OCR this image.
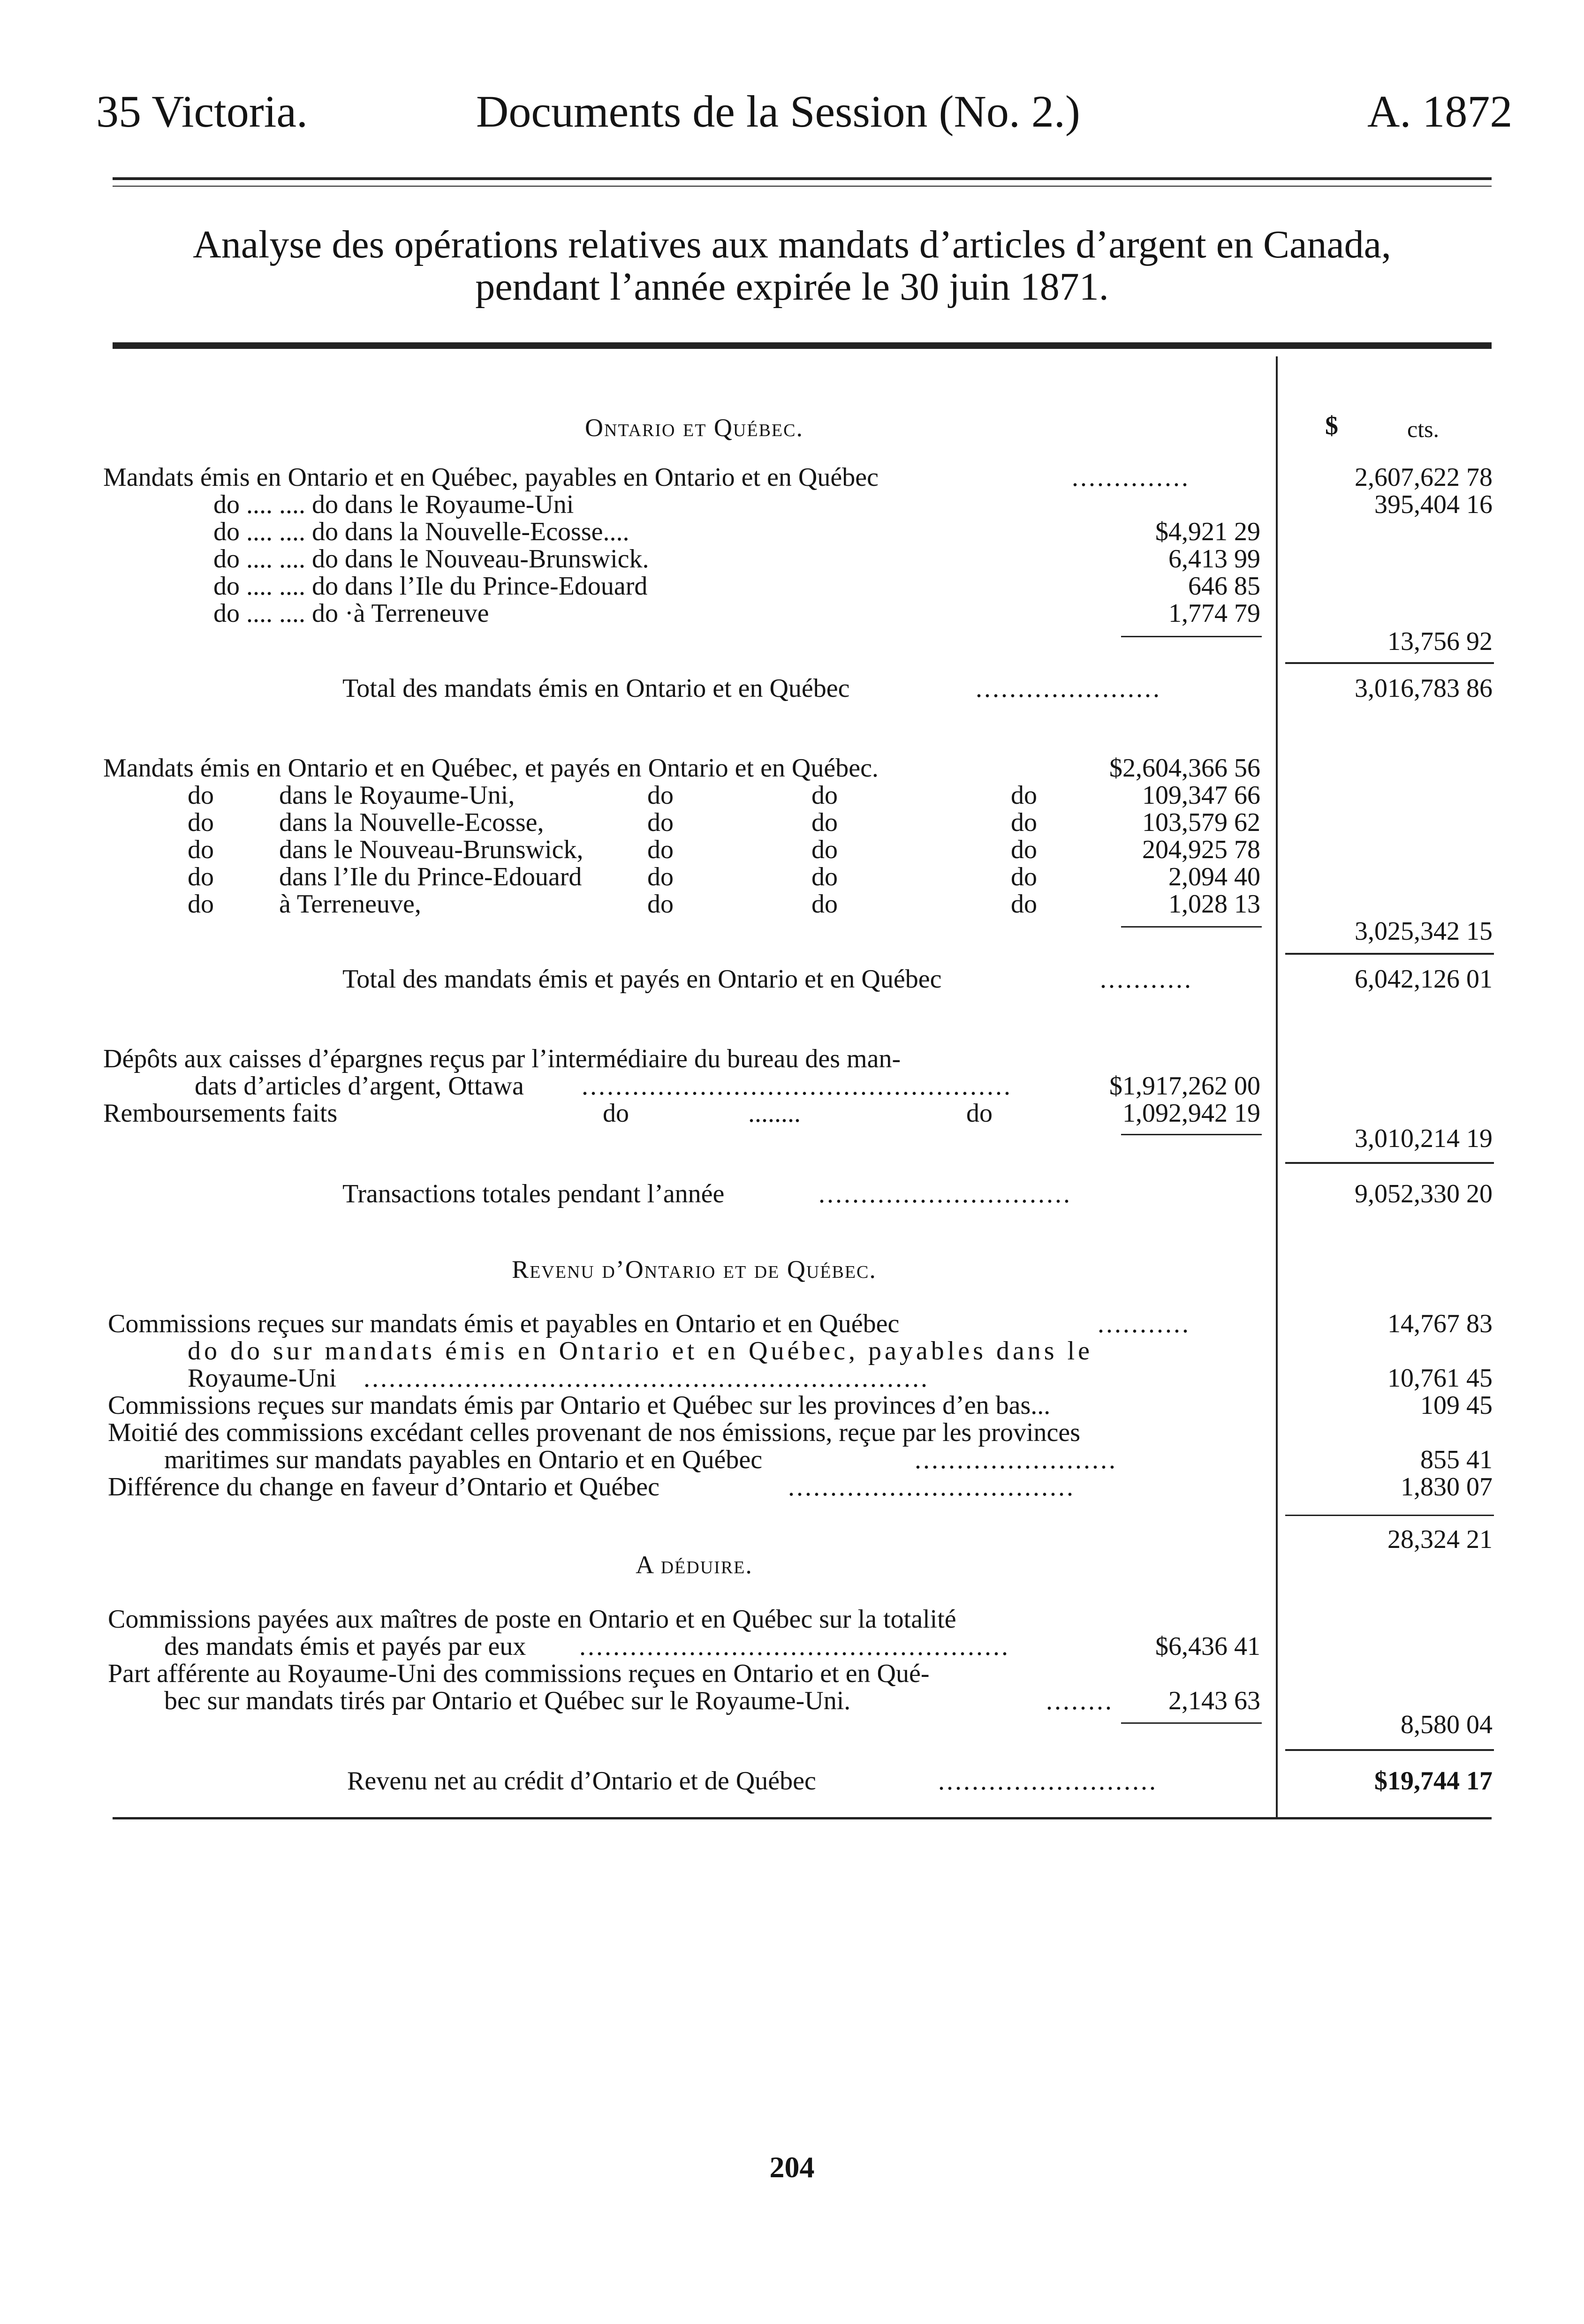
35 Victoria.	Documents de la Session (No. 2.)	A. 1872
Analyse des opérations relatives aux mandats d’articles d’argent en Canada,
pendant l’année expirée le 30 juin 1871.
$	cts.
Ontario et Québec.
Mandats émis en Ontario et en Québec, payables en Ontario et en Québec	..............	2,607,622 78
do .... .... do dans le Royaume-Uni	395,404 16
do .... .... do dans la Nouvelle-Ecosse....	$4,921 29
do .... .... do dans le Nouveau-Brunswick.	6,413 99
do .... .... do dans l’Ile du Prince-Edouard	646 85
do .... .... do ·à Terreneuve	1,774 79
13,756 92
Total des mandats émis en Ontario et en Québec	......................	3,016,783 86
Mandats émis en Ontario et en Québec, et payés en Ontario et en Québec.	$2,604,366 56
do dans le Royaume-Uni,	do	do	do	109,347 66
do dans la Nouvelle-Ecosse,	do	do	do	103,579 62
do dans le Nouveau-Brunswick, do	do	do	204,925 78
do dans l’Ile du Prince-Edouard do	do	do	2,094 40
do à Terreneuve,	do	do	do	1,028 13
3,025,342 15
Total des mandats émis et payés en Ontario et en Québec	...........	6,042,126 01
Dépôts aux caisses d’épargnes reçus par l’intermédiaire du bureau des man-
dats d’articles d’argent, Ottawa ...................................................	$1,917,262 00
Remboursements faits	do	........	do	1,092,942 19
3,010,214 19
Transactions totales pendant l’année	..............................	9,052,330 20
Revenu d’Ontario et de Québec.
Commissions reçues sur mandats émis et payables en Ontario et en Québec	...........	14,767 83
do do sur mandats émis en Ontario et en Québec, payables dans le
Royaume-Uni ...................................................................	10,761 45
Commissions reçues sur mandats émis par Ontario et Québec sur les provinces d’en bas...	109 45
Moitié des commissions excédant celles provenant de nos émissions, reçue par les provinces
maritimes sur mandats payables en Ontario et en Québec	........................	855 41
Différence du change en faveur d’Ontario et Québec	..................................	1,830 07
28,324 21
A déduire.
Commissions payées aux maîtres de poste en Ontario et en Québec sur la totalité
des mandats émis et payés par eux ...................................................	$6,436 41
Part afférente au Royaume-Uni des commissions reçues en Ontario et en Qué-
bec sur mandats tirés par Ontario et Québec sur le Royaume-Uni.	........ 2,143 63
8,580 04
Revenu net au crédit d’Ontario et de Québec	..........................	$19,744 17
204
